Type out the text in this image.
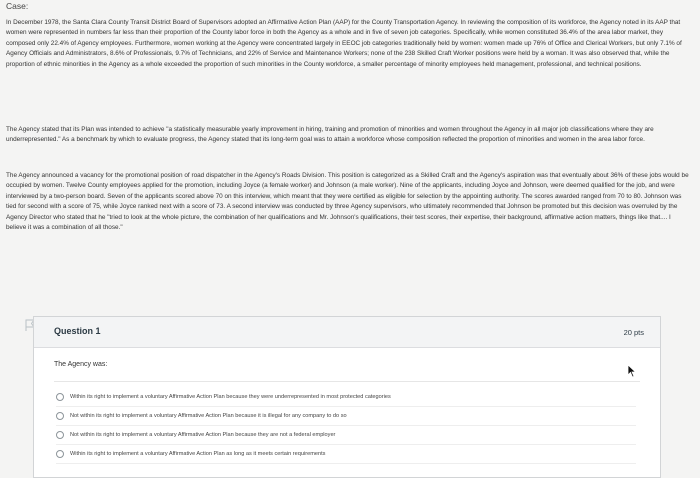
Case:

In December 1978, the Santa Clara County Transit District Board of Supervisors adopted an Affirmative Action Plan (AAP) for the County Transportation Agency. In reviewing the composition of its workforce, the Agency noted in its AAP that women were represented in numbers far less than their proportion of the County labor force in both the Agency as a whole and in five of seven job categories. Specifically, while women constituted 36.4% of the area labor market, they composed only 22.4% of Agency employees. Furthermore, women working at the Agency were concentrated largely in EEOC job categories traditionally held by women: women made up 76% of Office and Clerical Workers, but only 7.1% of Agency Officials and Administrators, 8.6% of Professionals, 9.7% of Technicians, and 22% of Service and Maintenance Workers; none of the 238 Skilled Craft Worker positions were held by a woman. It was also observed that, while the proportion of ethnic minorities in the Agency as a whole exceeded the proportion of such minorities in the County workforce, a smaller percentage of minority employees held management, professional, and technical positions.

The Agency stated that its Plan was intended to achieve "a statistically measurable yearly improvement in hiring, training and promotion of minorities and women throughout the Agency in all major job classifications where they are underrepresented." As a benchmark by which to evaluate progress, the Agency stated that its long-term goal was to attain a workforce whose composition reflected the proportion of minorities and women in the area labor force.

The Agency announced a vacancy for the promotional position of road dispatcher in the Agency's Roads Division. This position is categorized as a Skilled Craft and the Agency's aspiration was that eventually about 36% of these jobs would be occupied by women. Twelve County employees applied for the promotion, including Joyce (a female worker) and Johnson (a male worker). Nine of the applicants, including Joyce and Johnson, were deemed qualified for the job, and were interviewed by a two-person board. Seven of the applicants scored above 70 on this interview, which meant that they were certified as eligible for selection by the appointing authority. The scores awarded ranged from 70 to 80. Johnson was tied for second with a score of 75, while Joyce ranked next with a score of 73. A second interview was conducted by three Agency supervisors, who ultimately recommended that Johnson be promoted but this decision was overruled by the Agency Director who stated that he "tried to look at the whole picture, the combination of her qualifications and Mr. Johnson's qualifications, their test scores, their expertise, their background, affirmative action matters, things like that.... I believe it was a combination of all those."

Question 1	20 pts
The Agency was:
Within its right to implement a voluntary Affirmative Action Plan because they were underrepresented in most protected categories
Not within its right to implement a voluntary Affirmative Action Plan because it is illegal for any company to do so
Not within its right to implement a voluntary Affirmative Action Plan because they are not a federal employer
Within its right to implement a voluntary Affirmative Action Plan as long as it meets certain requirements
